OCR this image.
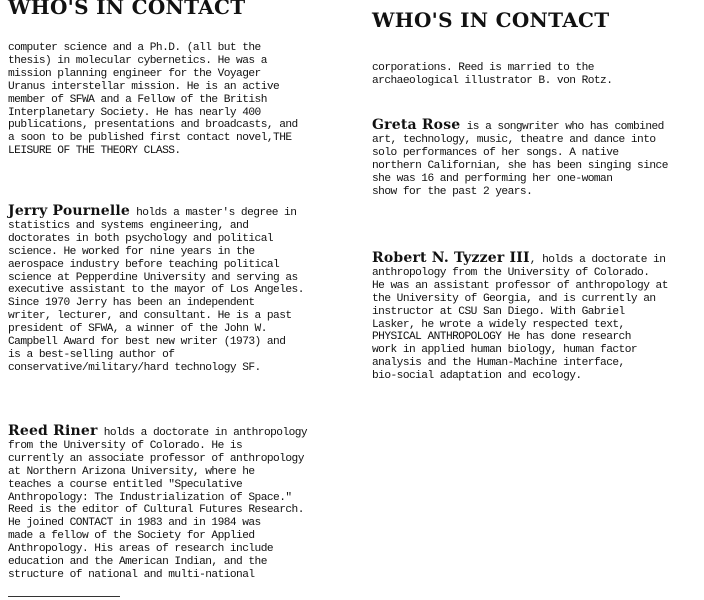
WHO'S IN CONTACT
computer science and a Ph.D. (all but the
thesis) in molecular cybernetics. He was a
mission planning engineer for the Voyager
Uranus interstellar mission. He is an active
member of SFWA and a Fellow of the British
Interplanetary Society. He has nearly 400
publications, presentations and broadcasts, and
a soon to be published first contact novel,THE
LEISURE OF THE THEORY CLASS.
Jerry Pournelle holds a master's degree in
statistics and systems engineering, and
doctorates in both psychology and political
science. He worked for nine years in the
aerospace industry before teaching political
science at Pepperdine University and serving as
executive assistant to the mayor of Los Angeles.
Since 1970 Jerry has been an independent
writer, lecturer, and consultant. He is a past
president of SFWA, a winner of the John W.
Campbell Award for best new writer (1973) and
is a best-selling author of
conservative/military/hard technology SF.
Reed Riner holds a doctorate in anthropology
from the University of Colorado. He is
currently an associate professor of anthropology
at Northern Arizona University, where he
teaches a course entitled "Speculative
Anthropology: The Industrialization of Space."
Reed is the editor of Cultural Futures Research.
He joined CONTACT in 1983 and in 1984 was
made a fellow of the Society for Applied
Anthropology. His areas of research include
education and the American Indian, and the
structure of national and multi-national
WHO'S IN CONTACT
corporations. Reed is married to the
archaeological illustrator B. von Rotz.
Greta Rose is a songwriter who has combined
art, technology, music, theatre and dance into
solo performances of her songs. A native
northern Californian, she has been singing since
she was 16 and performing her one-woman
show for the past 2 years.
Robert N. Tyzzer III, holds a doctorate in
anthropology from the University of Colorado.
He was an assistant professor of anthropology at
the University of Georgia, and is currently an
instructor at CSU San Diego. With Gabriel
Lasker, he wrote a widely respected text,
PHYSICAL ANTHROPOLOGY He has done research
work in applied human biology, human factor
analysis and the Human-Machine interface,
bio-social adaptation and ecology.
